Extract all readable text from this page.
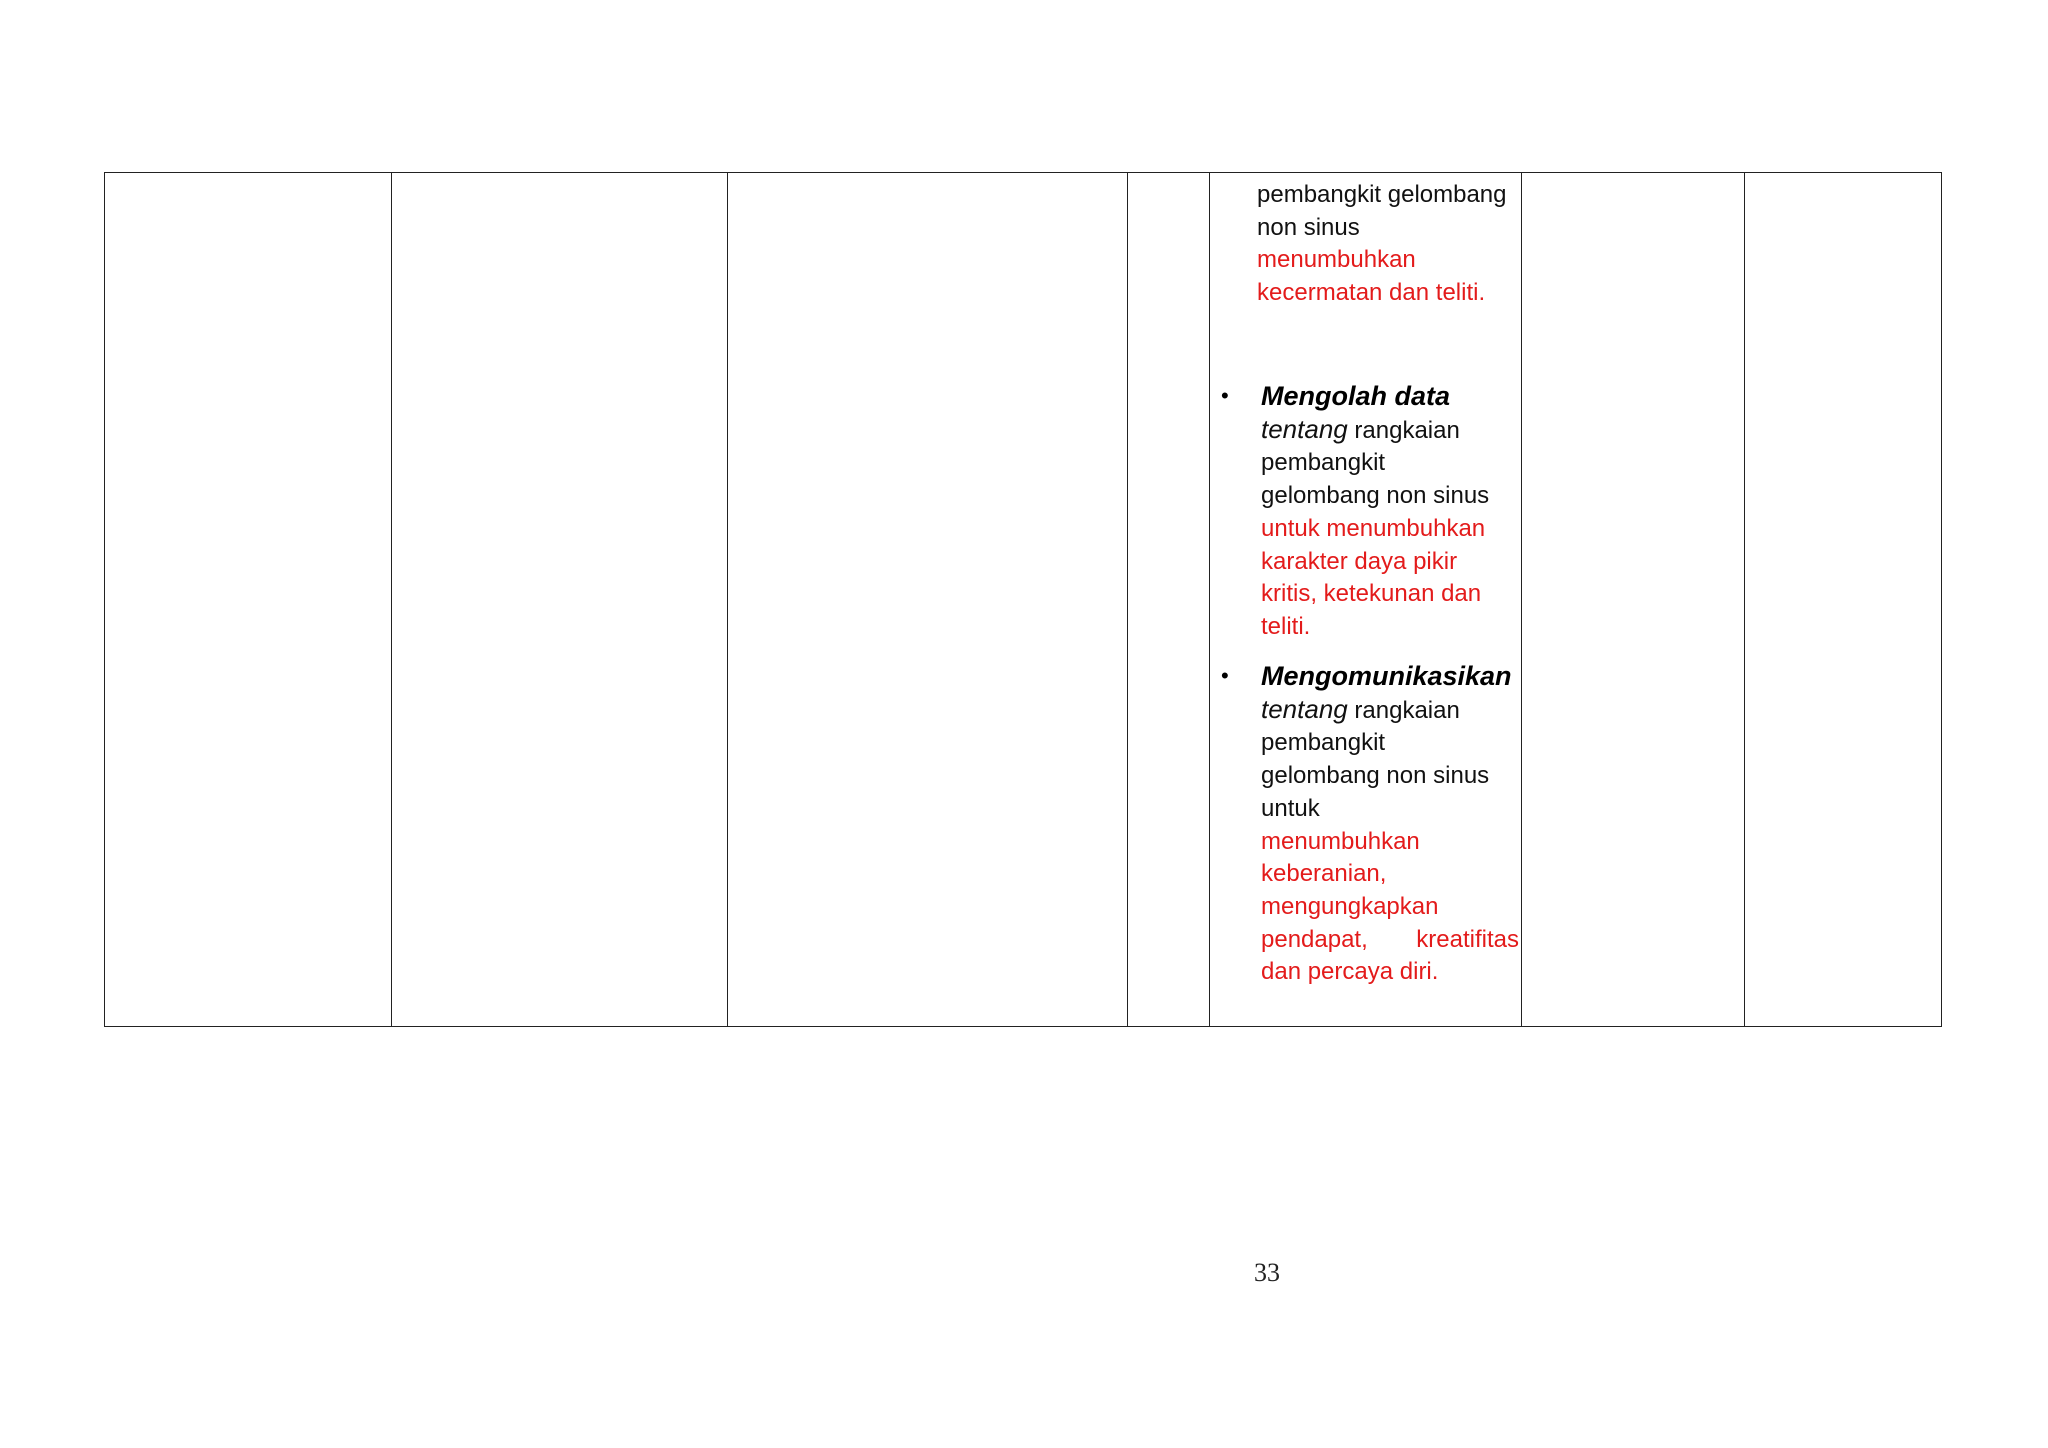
pembangkit gelombang
non sinus
menumbuhkan
kecermatan dan teliti.
• Mengolah data
tentang rangkaian
pembangkit
gelombang non sinus
untuk menumbuhkan
karakter daya pikir
kritis, ketekunan dan
teliti.
• Mengomunikasikan
tentang rangkaian
pembangkit
gelombang non sinus
untuk
menumbuhkan
keberanian,
mengungkapkan
pendapat, kreatifitas
dan percaya diri.
33
